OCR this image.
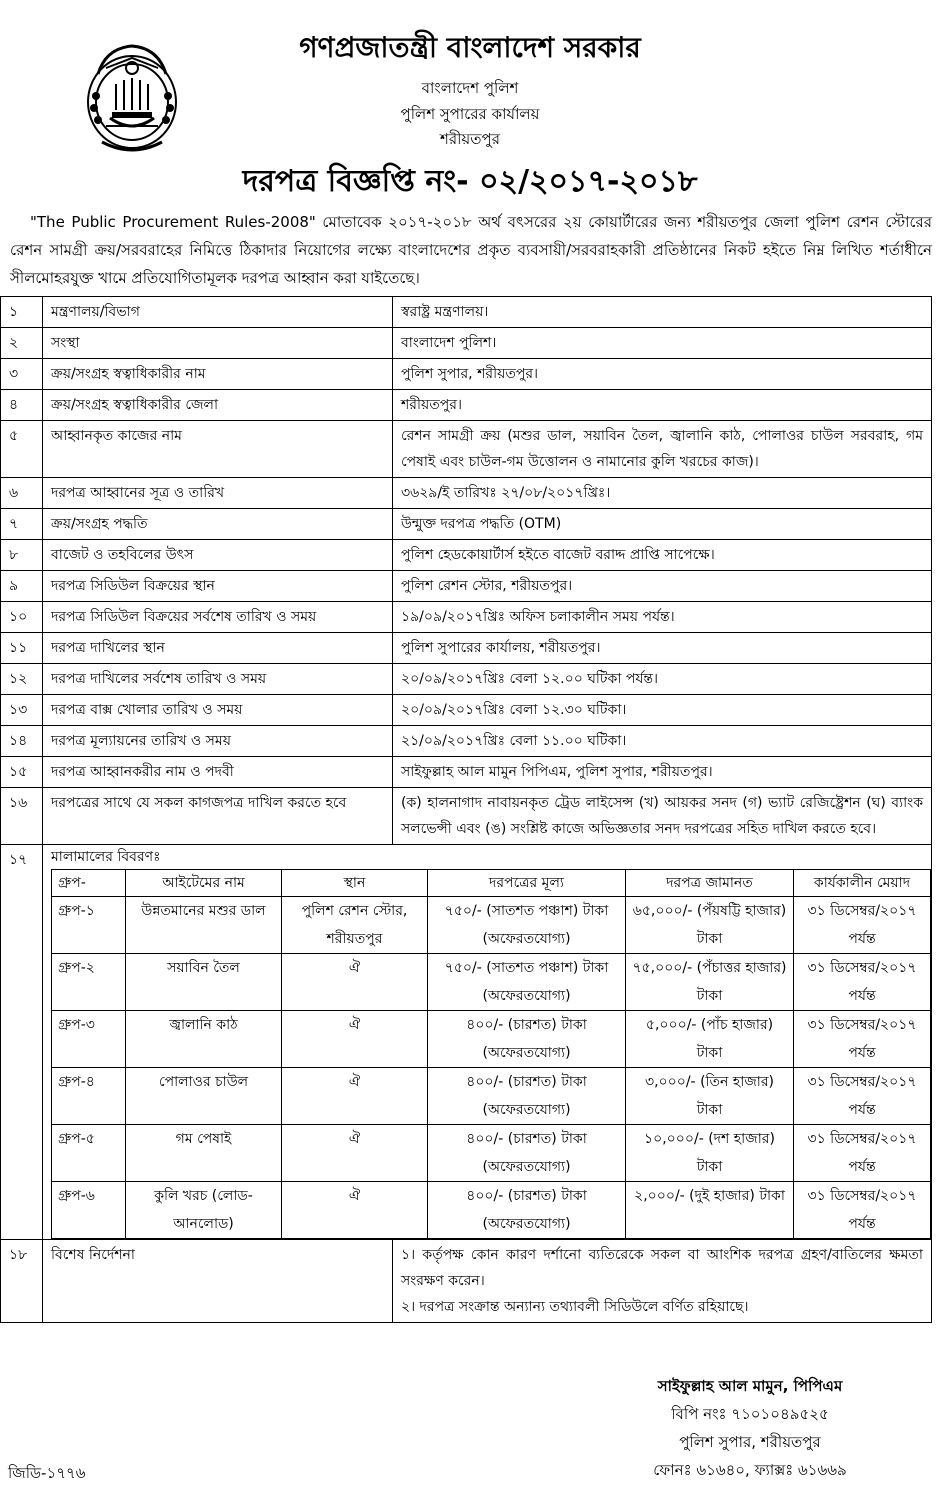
গণপ্রজাতন্ত্রী বাংলাদেশ সরকার
বাংলাদেশ পুলিশ
পুলিশ সুপারের কার্যালয়
শরীয়তপুর
দরপত্র বিজ্ঞপ্তি নং- ০২/২০১৭-২০১৮

"The Public Procurement Rules-2008" মোতাবেক ২০১৭-২০১৮ অর্থ বৎসরের ২য় কোয়ার্টারের জন্য শরীয়তপুর জেলা পুলিশ রেশন স্টোরের রেশন সামগ্রী ক্রয়/সরবরাহের নিমিত্তে ঠিকাদার নিয়োগের লক্ষ্যে বাংলাদেশের প্রকৃত ব্যবসায়ী/সরবরাহকারী প্রতিষ্ঠানের নিকট হইতে নিম্ন লিখিত শর্তাধীনে সীলমোহরযুক্ত খামে প্রতিযোগিতামূলক দরপত্র আহ্বান করা যাইতেছে।

১	মন্ত্রণালয়/বিভাগ	স্বরাষ্ট্র মন্ত্রণালয়।
২	সংস্থা	বাংলাদেশ পুলিশ।
৩	ক্রয়/সংগ্রহ স্বত্বাধিকারীর নাম	পুলিশ সুপার, শরীয়তপুর।
৪	ক্রয়/সংগ্রহ স্বত্বাধিকারীর জেলা	শরীয়তপুর।
৫	আহ্বানকৃত কাজের নাম	রেশন সামগ্রী ক্রয় (মশুর ডাল, সয়াবিন তৈল, জ্বালানি কাঠ, পোলাওর চাউল সরবরাহ, গম পেষাই এবং চাউল-গম উত্তোলন ও নামানোর কুলি খরচের কাজ)।
৬	দরপত্র আহ্বানের সূত্র ও তারিখ	৩৬২৯/ই তারিখঃ ২৭/০৮/২০১৭খ্রিঃ।
৭	ক্রয়/সংগ্রহ পদ্ধতি	উন্মুক্ত দরপত্র পদ্ধতি (OTM)
৮	বাজেট ও তহবিলের উৎস	পুলিশ হেডকোয়ার্টার্স হইতে বাজেট বরাদ্দ প্রাপ্তি সাপেক্ষে।
৯	দরপত্র সিডিউল বিক্রয়ের স্থান	পুলিশ রেশন স্টোর, শরীয়তপুর।
১০	দরপত্র সিডিউল বিক্রয়ের সর্বশেষ তারিখ ও সময়	১৯/০৯/২০১৭খ্রিঃ অফিস চলাকালীন সময় পর্যন্ত।
১১	দরপত্র দাখিলের স্থান	পুলিশ সুপারের কার্যালয়, শরীয়তপুর।
১২	দরপত্র দাখিলের সর্বশেষ তারিখ ও সময়	২০/০৯/২০১৭খ্রিঃ বেলা ১২.০০ ঘটিকা পর্যন্ত।
১৩	দরপত্র বাক্স খোলার তারিখ ও সময়	২০/০৯/২০১৭খ্রিঃ বেলা ১২.৩০ ঘটিকা।
১৪	দরপত্র মূল্যায়নের তারিখ ও সময়	২১/০৯/২০১৭খ্রিঃ বেলা ১১.০০ ঘটিকা।
১৫	দরপত্র আহ্বানকরীর নাম ও পদবী	সাইফুল্লাহ আল মামুন পিপিএম, পুলিশ সুপার, শরীয়তপুর।
১৬	দরপত্রের সাথে যে সকল কাগজপত্র দাখিল করতে হবে	(ক) হালনাগাদ নাবায়নকৃত ট্রেড লাইসেন্স (খ) আয়কর সনদ (গ) ভ্যাট রেজিষ্ট্রেশন (ঘ) ব্যাংক সলভেন্সী এবং (ঙ) সংশ্লিষ্ট কাজে অভিজ্ঞতার সনদ দরপত্রের সহিত দাখিল করতে হবে।
১৭	মালামালের বিবরণঃ
গ্রুপ-	আইটেমের নাম	স্থান	দরপত্রের মূল্য	দরপত্র জামানত	কার্যকালীন মেয়াদ
গ্রুপ-১	উন্নতমানের মশুর ডাল	পুলিশ রেশন স্টোর, শরীয়তপুর	৭৫০/- (সাতশত পঞ্চাশ) টাকা (অফেরতযোগ্য)	৬৫,০০০/- (পঁয়ষট্টি হাজার) টাকা	৩১ ডিসেম্বর/২০১৭ পর্যন্ত
গ্রুপ-২	সয়াবিন তৈল	ঐ	৭৫০/- (সাতশত পঞ্চাশ) টাকা (অফেরতযোগ্য)	৭৫,০০০/- (পঁচাত্তর হাজার) টাকা	৩১ ডিসেম্বর/২০১৭ পর্যন্ত
গ্রুপ-৩	জ্বালানি কাঠ	ঐ	৪০০/- (চারশত) টাকা (অফেরতযোগ্য)	৫,০০০/- (পাঁচ হাজার) টাকা	৩১ ডিসেম্বর/২০১৭ পর্যন্ত
গ্রুপ-৪	পোলাওর চাউল	ঐ	৪০০/- (চারশত) টাকা (অফেরতযোগ্য)	৩,০০০/- (তিন হাজার) টাকা	৩১ ডিসেম্বর/২০১৭ পর্যন্ত
গ্রুপ-৫	গম পেষাই	ঐ	৪০০/- (চারশত) টাকা (অফেরতযোগ্য)	১০,০০০/- (দশ হাজার) টাকা	৩১ ডিসেম্বর/২০১৭ পর্যন্ত
গ্রুপ-৬	কুলি খরচ (লোড-আনলোড)	ঐ	৪০০/- (চারশত) টাকা (অফেরতযোগ্য)	২,০০০/- (দুই হাজার) টাকা	৩১ ডিসেম্বর/২০১৭ পর্যন্ত

১৮	বিশেষ নির্দেশনা	১। কর্তৃপক্ষ কোন কারণ দর্শানো ব্যতিরেকে সকল বা আংশিক দরপত্র গ্রহণ/বাতিলের ক্ষমতা সংরক্ষণ করেন।
২। দরপত্র সংক্রান্ত অন্যান্য তথ্যাবলী সিডিউলে বর্ণিত রহিয়াছে।
সাইফুল্লাহ আল মামুন, পিপিএম
বিপি নংঃ ৭১০১০৪৯৫২৫
পুলিশ সুপার, শরীয়তপুর
ফোনঃ ৬১৬৪০, ফ্যাক্সঃ ৬১৬৬৯
জিডি-১৭৭৬
